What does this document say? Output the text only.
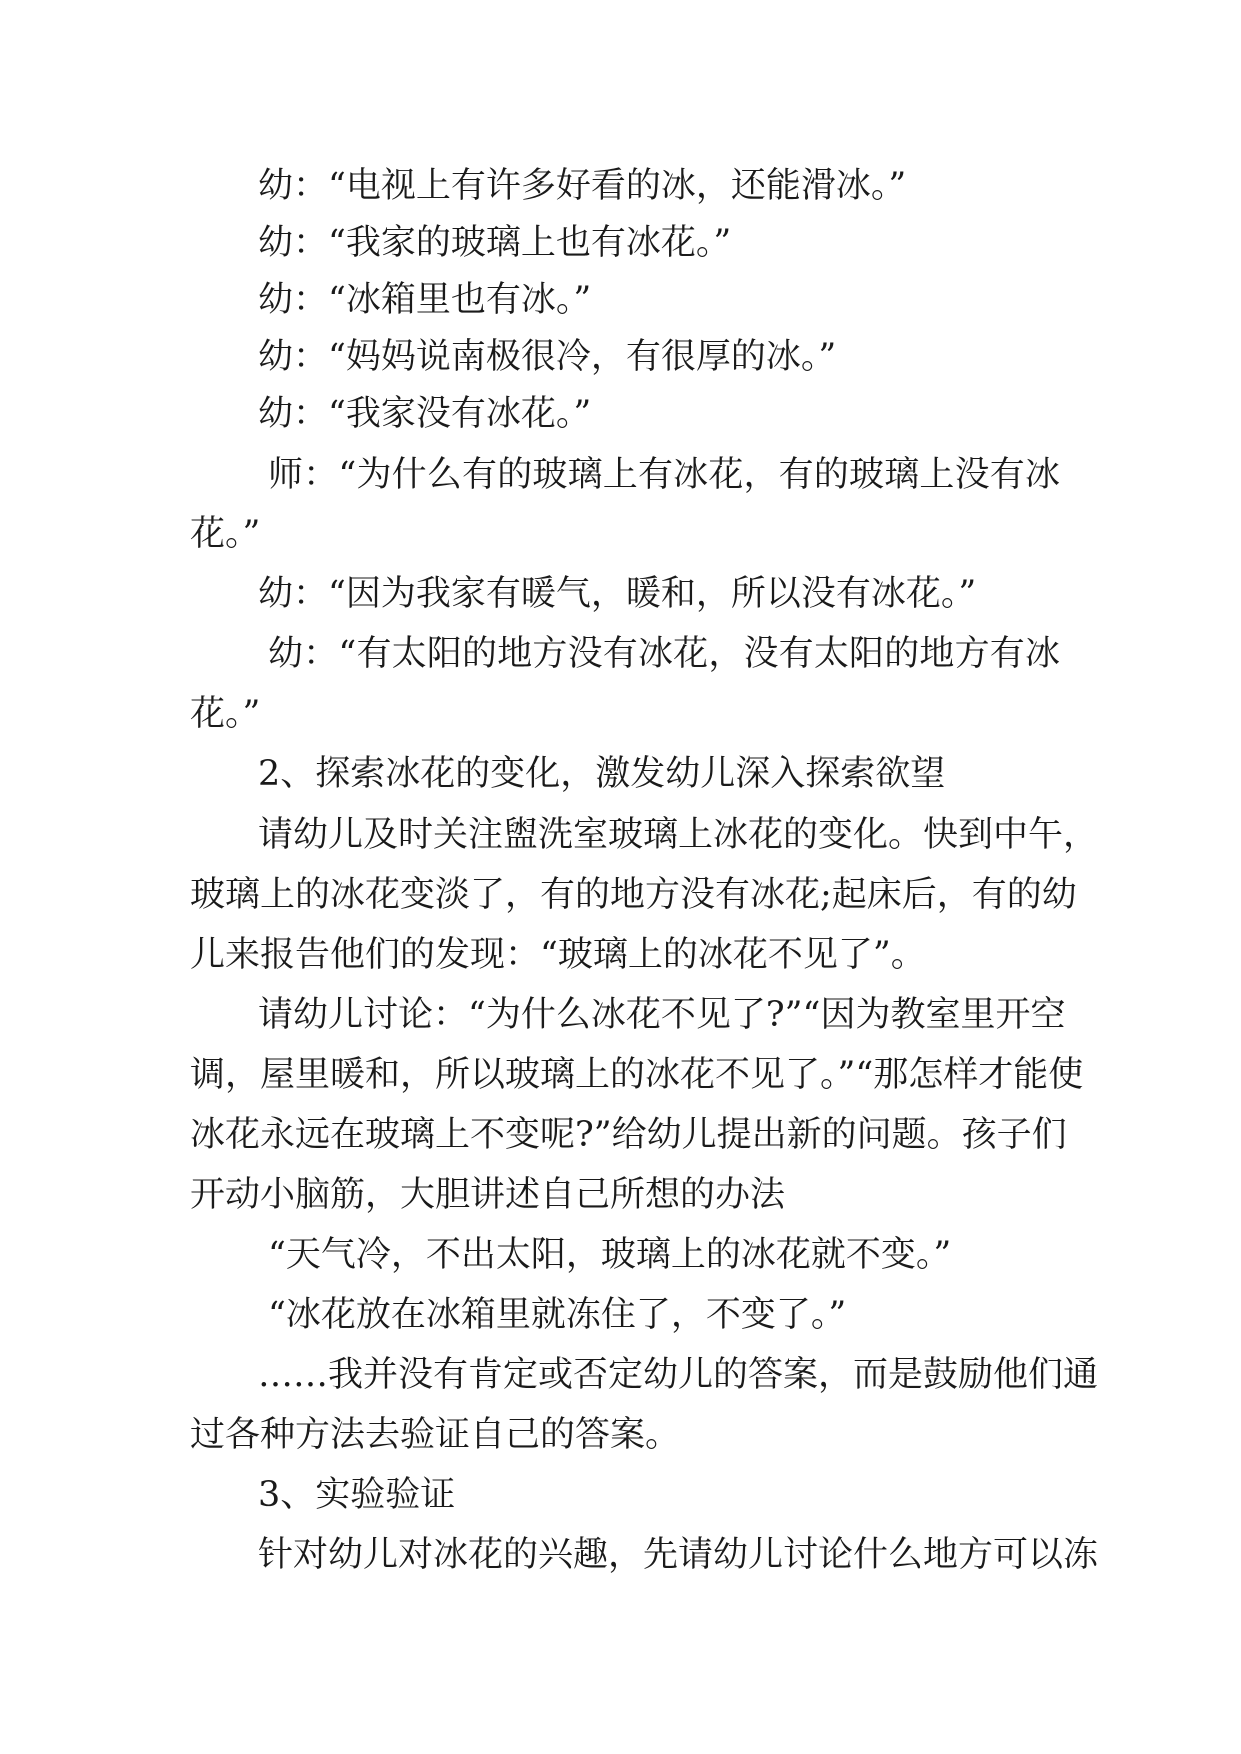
幼：“电视上有许多好看的冰，还能滑冰。”
幼：“我家的玻璃上也有冰花。”
幼：“冰箱里也有冰。”
幼：“妈妈说南极很冷，有很厚的冰。”
幼：“我家没有冰花。”
师：“为什么有的玻璃上有冰花，有的玻璃上没有冰
花。”
幼：“因为我家有暖气，暖和，所以没有冰花。”
幼：“有太阳的地方没有冰花，没有太阳的地方有冰
花。”
2、探索冰花的变化，激发幼儿深入探索欲望
请幼儿及时关注盥洗室玻璃上冰花的变化。快到中午，
玻璃上的冰花变淡了，有的地方没有冰花;起床后，有的幼
儿来报告他们的发现：“玻璃上的冰花不见了”。
请幼儿讨论：“为什么冰花不见了?”“因为教室里开空
调，屋里暖和，所以玻璃上的冰花不见了。”“那怎样才能使
冰花永远在玻璃上不变呢?”给幼儿提出新的问题。孩子们
开动小脑筋，大胆讲述自己所想的办法
“天气冷，不出太阳，玻璃上的冰花就不变。”
“冰花放在冰箱里就冻住了，不变了。”
……我并没有肯定或否定幼儿的答案，而是鼓励他们通
过各种方法去验证自己的答案。
3、实验验证
针对幼儿对冰花的兴趣，先请幼儿讨论什么地方可以冻
